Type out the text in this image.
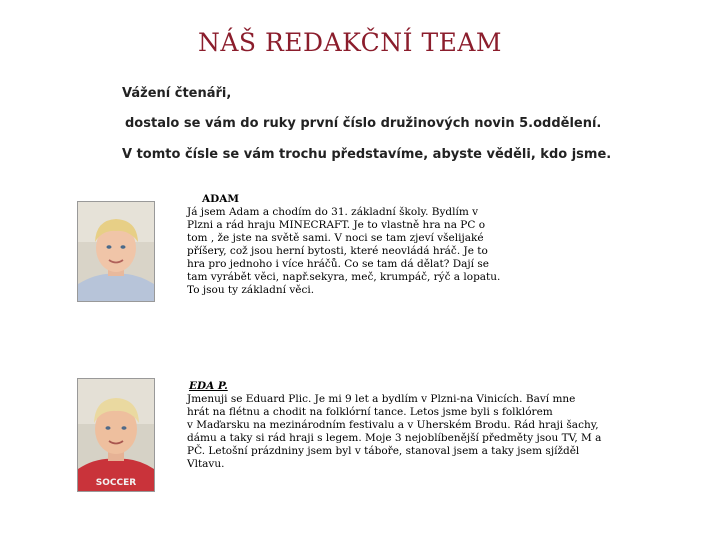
NÁŠ REDAKČNÍ TEAM
Vážení čtenáři,
dostalo se vám do ruky první číslo družinových novin 5.oddělení.
V tomto čísle se vám trochu představíme, abyste věděli, kdo jsme.
ADAM
Já jsem Adam a chodím do 31. základní školy. Bydlím v
Plzni a rád hraju MINECRAFT. Je to vlastně hra na PC o
tom , že jste na světě sami. V noci se tam zjeví všelijaké
příšery, což jsou herní bytosti, které neovládá hráč. Je to
hra pro jednoho i více hráčů. Co se tam dá dělat? Dají se
tam vyrábět věci, např.sekyra, meč, krumpáč, rýč a lopatu.
To jsou ty základní věci.
SOCCER
EDA P.
Jmenuji se Eduard Plic. Je mi 9 let a bydlím v Plzni-na Vinicích. Baví mne
hrát na flétnu a chodit na folklórní tance. Letos jsme byli s folklórem
v Maďarsku na mezinárodním festivalu a v Uherském Brodu. Rád hraji šachy,
dámu a taky si rád hraji s legem. Moje 3 nejoblíbenější předměty jsou TV, M a
PČ. Letošní prázdniny jsem byl v táboře, stanoval jsem a taky jsem sjížděl
Vltavu.
